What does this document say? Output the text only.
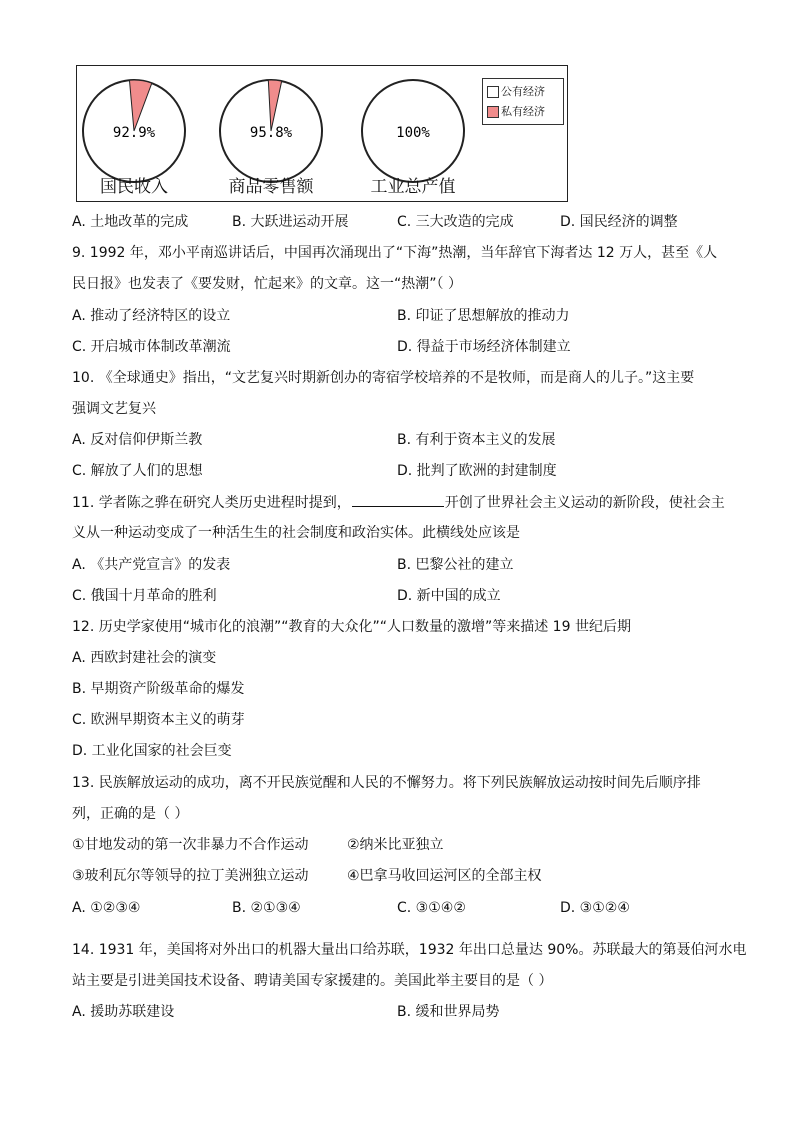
92.9%	95.8%	100%
国民收入	商品零售额	工业总产值
公有经济
私有经济
A. 土地改革的完成	B. 大跃进运动开展	C. 三大改造的完成	D. 国民经济的调整
9. 1992 年，邓小平南巡讲话后，中国再次涌现出了“下海”热潮，当年辞官下海者达 12 万人，甚至《人
民日报》也发表了《要发财，忙起来》的文章。这一“热潮”（ ）
A. 推动了经济特区的设立	B. 印证了思想解放的推动力
C. 开启城市体制改革潮流	D. 得益于市场经济体制建立
10. 《全球通史》指出，“文艺复兴时期新创办的寄宿学校培养的不是牧师，而是商人的儿子。”这主要
强调文艺复兴
A. 反对信仰伊斯兰教	B. 有利于资本主义的发展
C. 解放了人们的思想	D. 批判了欧洲的封建制度
11. 学者陈之骅在研究人类历史进程时提到，	开创了世界社会主义运动的新阶段，使社会主
义从一种运动变成了一种活生生的社会制度和政治实体。此横线处应该是
A. 《共产党宣言》的发表	B. 巴黎公社的建立
C. 俄国十月革命的胜利	D. 新中国的成立
12. 历史学家使用“城市化的浪潮”“教育的大众化”“人口数量的激增”等来描述 19 世纪后期
A. 西欧封建社会的演变
B. 早期资产阶级革命的爆发
C. 欧洲早期资本主义的萌芽
D. 工业化国家的社会巨变
13. 民族解放运动的成功，离不开民族觉醒和人民的不懈努力。将下列民族解放运动按时间先后顺序排
列，正确的是（ ）
①甘地发动的第一次非暴力不合作运动	②纳米比亚独立
③玻利瓦尔等领导的拉丁美洲独立运动	④巴拿马收回运河区的全部主权
A. ①②③④	B. ②①③④	C. ③①④②	D. ③①②④
14. 1931 年，美国将对外出口的机器大量出口给苏联，1932 年出口总量达 90%。苏联最大的第聂伯河水电
站主要是引进美国技术设备、聘请美国专家援建的。美国此举主要目的是（ ）
A. 援助苏联建设	B. 缓和世界局势
